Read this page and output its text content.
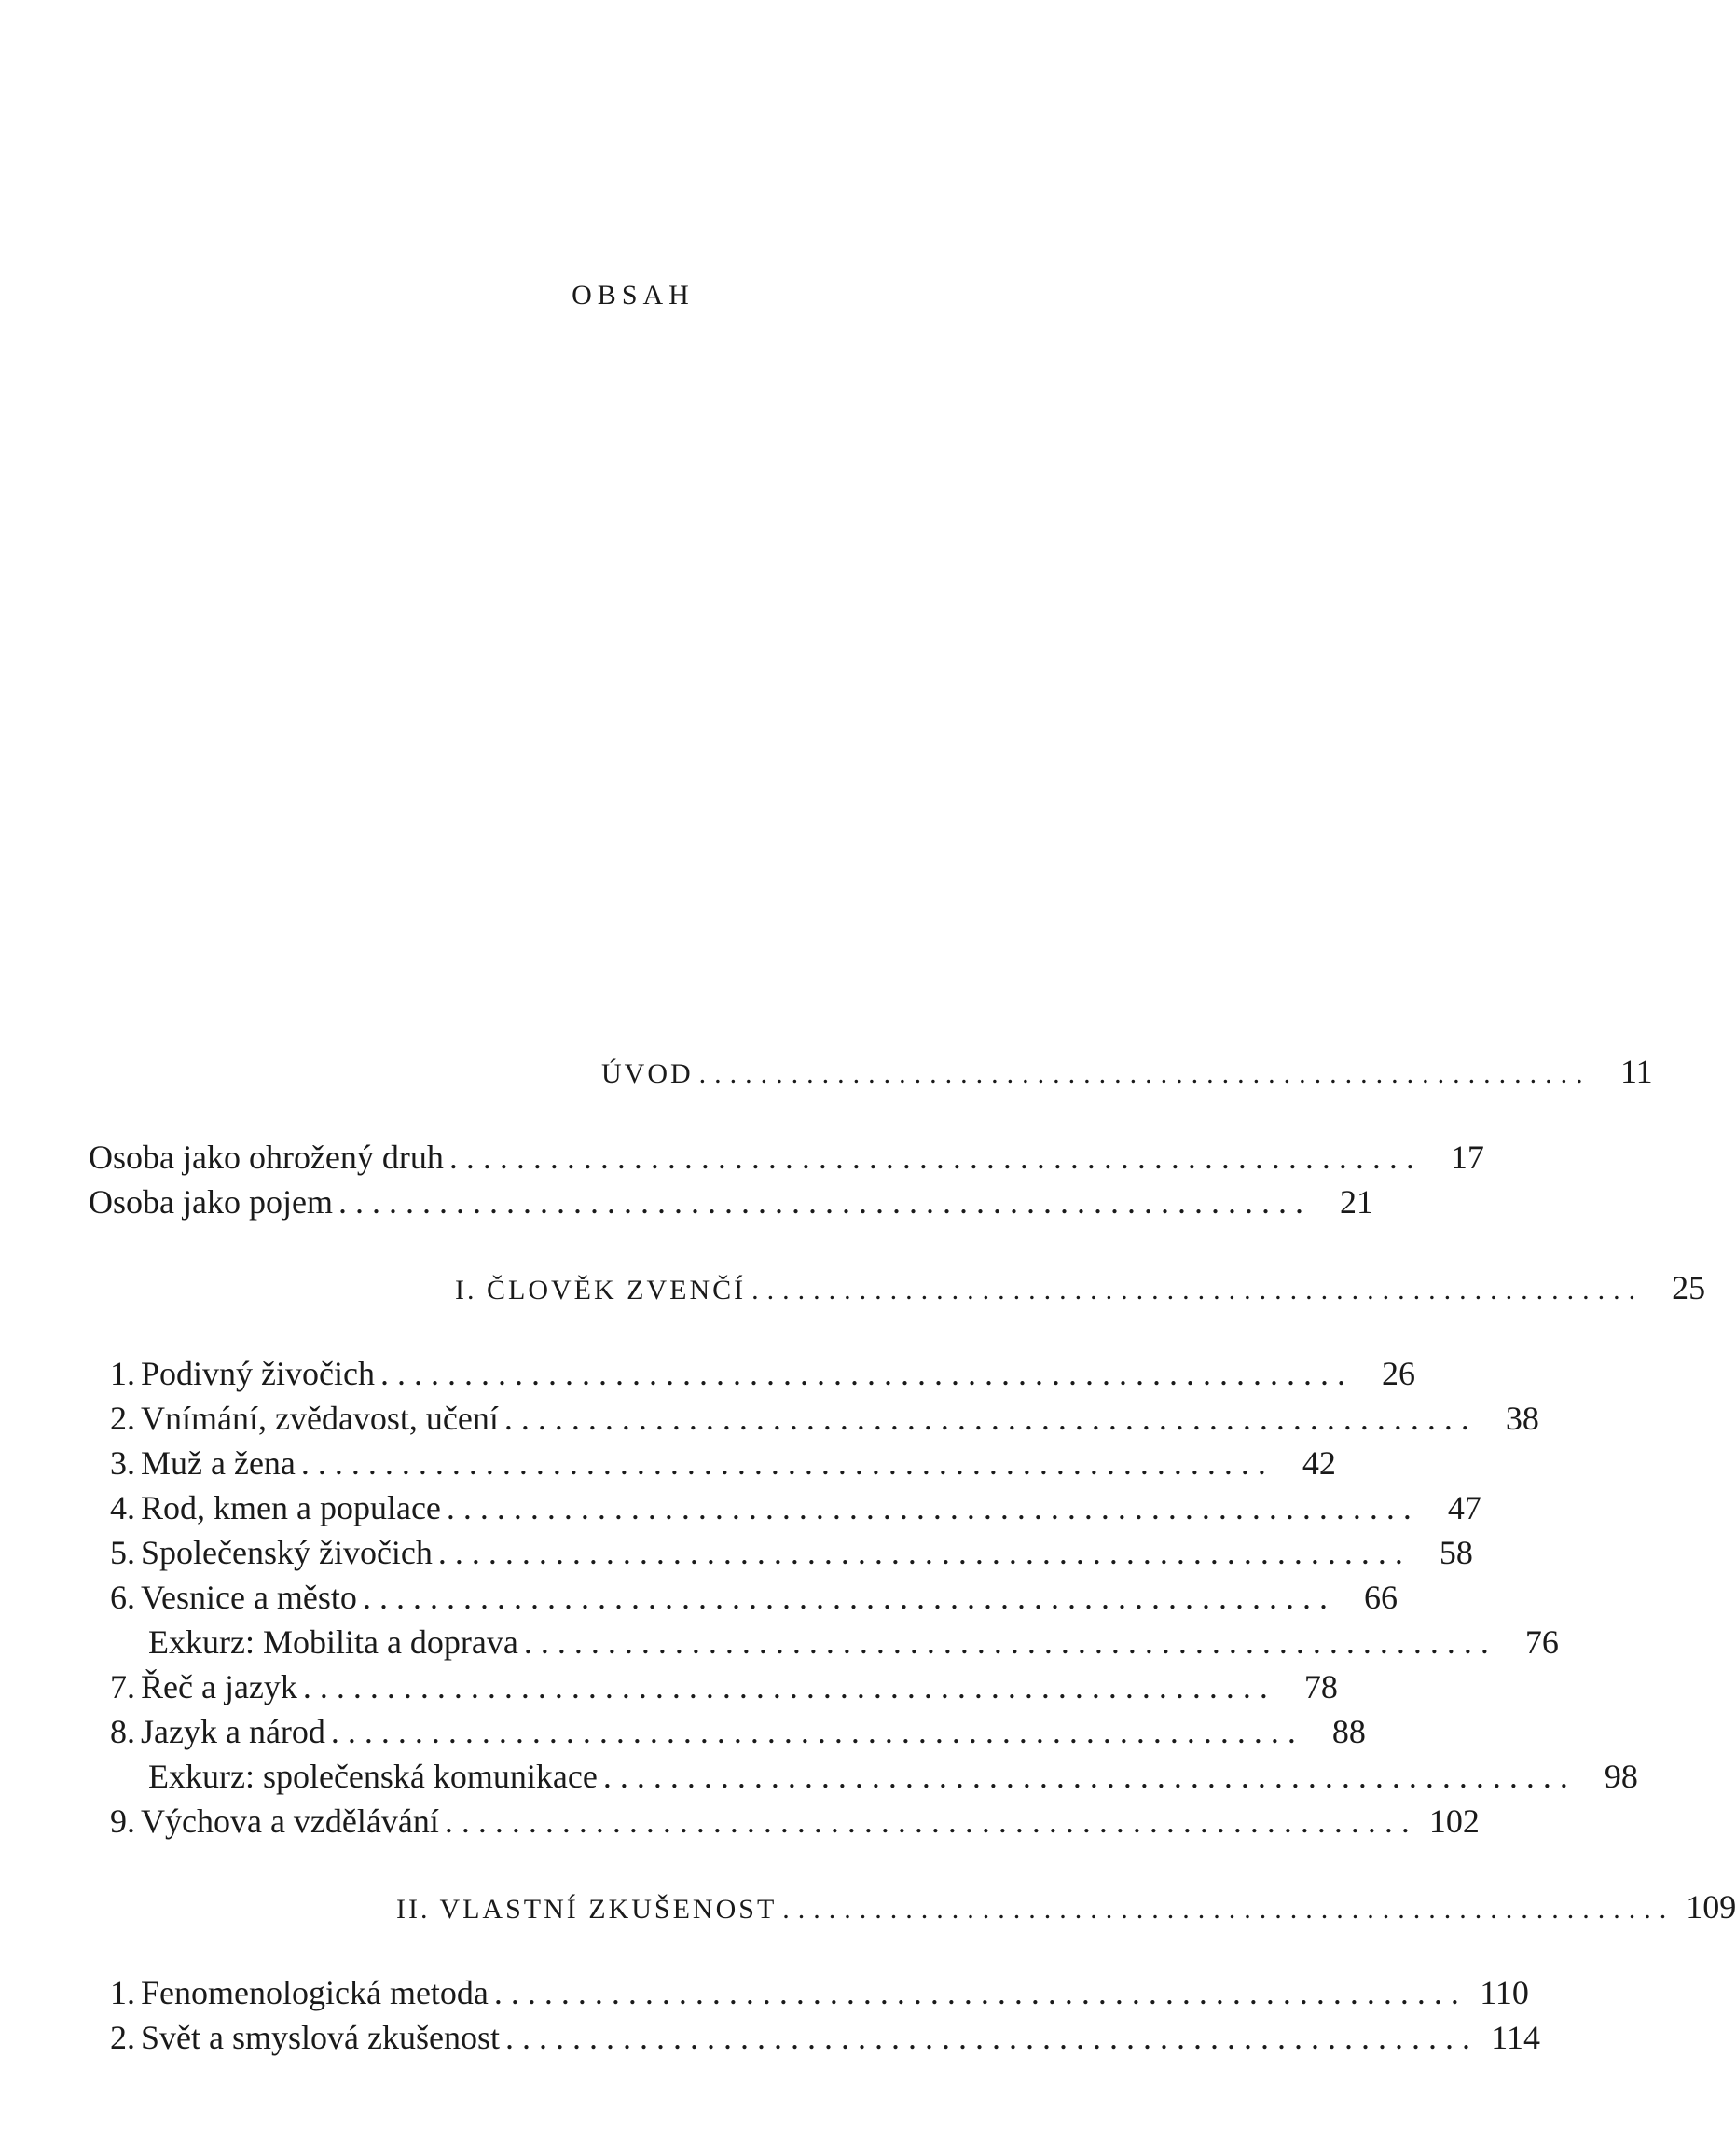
OBSAH
ÚVOD .......................................................... 11
Osoba jako ohrožený druh .......................................................... 17
Osoba jako pojem .......................................................... 21
I. ČLOVĚK ZVENČÍ .......................................................... 25
1. Podivný živočich .......................................................... 26
2. Vnímání, zvědavost, učení .......................................................... 38
3. Muž a žena .......................................................... 42
4. Rod, kmen a populace .......................................................... 47
5. Společenský živočich .......................................................... 58
6. Vesnice a město .......................................................... 66
Exkurz: Mobilita a doprava .......................................................... 76
7. Řeč a jazyk .......................................................... 78
8. Jazyk a národ .......................................................... 88
Exkurz: společenská komunikace .......................................................... 98
9. Výchova a vzdělávání .......................................................... 102
II. VLASTNÍ ZKUŠENOST .......................................................... 109
1. Fenomenologická metoda .......................................................... 110
2. Svět a smyslová zkušenost .......................................................... 114
